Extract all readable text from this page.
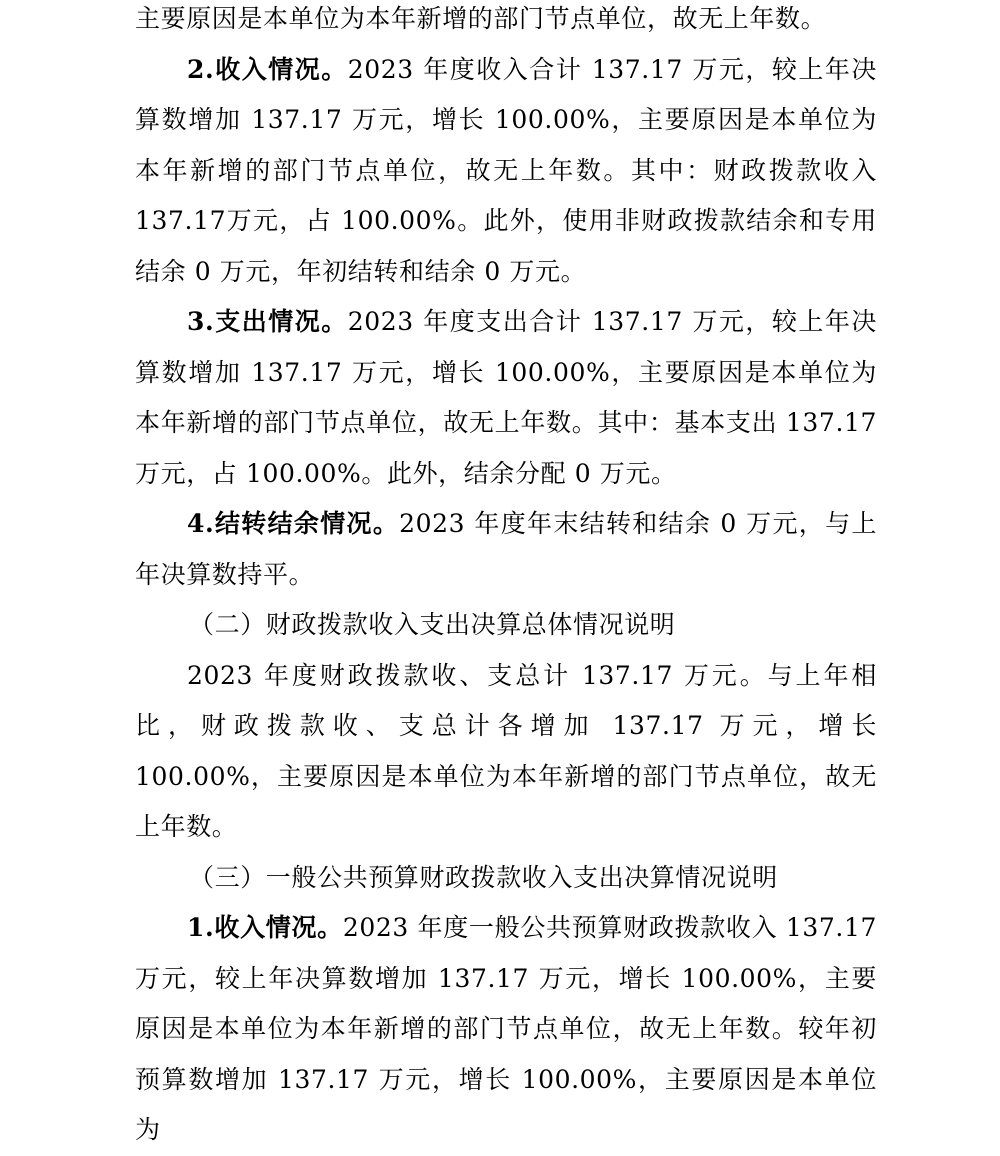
主要原因是本单位为本年新增的部门节点单位，故无上年数。

2.收入情况。2023 年度收入合计 137.17 万元，较上年决算数增加 137.17 万元，增长 100.00%，主要原因是本单位为本年新增的部门节点单位，故无上年数。其中：财政拨款收入 137.17万元，占 100.00%。此外，使用非财政拨款结余和专用结余 0 万元，年初结转和结余 0 万元。

3.支出情况。2023 年度支出合计 137.17 万元，较上年决算数增加 137.17 万元，增长 100.00%，主要原因是本单位为本年新增的部门节点单位，故无上年数。其中：基本支出 137.17 万元，占 100.00%。此外，结余分配 0 万元。

4.结转结余情况。2023 年度年末结转和结余 0 万元，与上年决算数持平。

（二）财政拨款收入支出决算总体情况说明

2023 年度财政拨款收、支总计 137.17 万元。与上年相比，财政拨款收、支总计各增加 137.17 万元，增长 100.00%，主要原因是本单位为本年新增的部门节点单位，故无上年数。

（三）一般公共预算财政拨款收入支出决算情况说明

1.收入情况。2023 年度一般公共预算财政拨款收入 137.17 万元，较上年决算数增加 137.17 万元，增长 100.00%，主要原因是本单位为本年新增的部门节点单位，故无上年数。较年初预算数增加 137.17 万元，增长 100.00%，主要原因是本单位为
